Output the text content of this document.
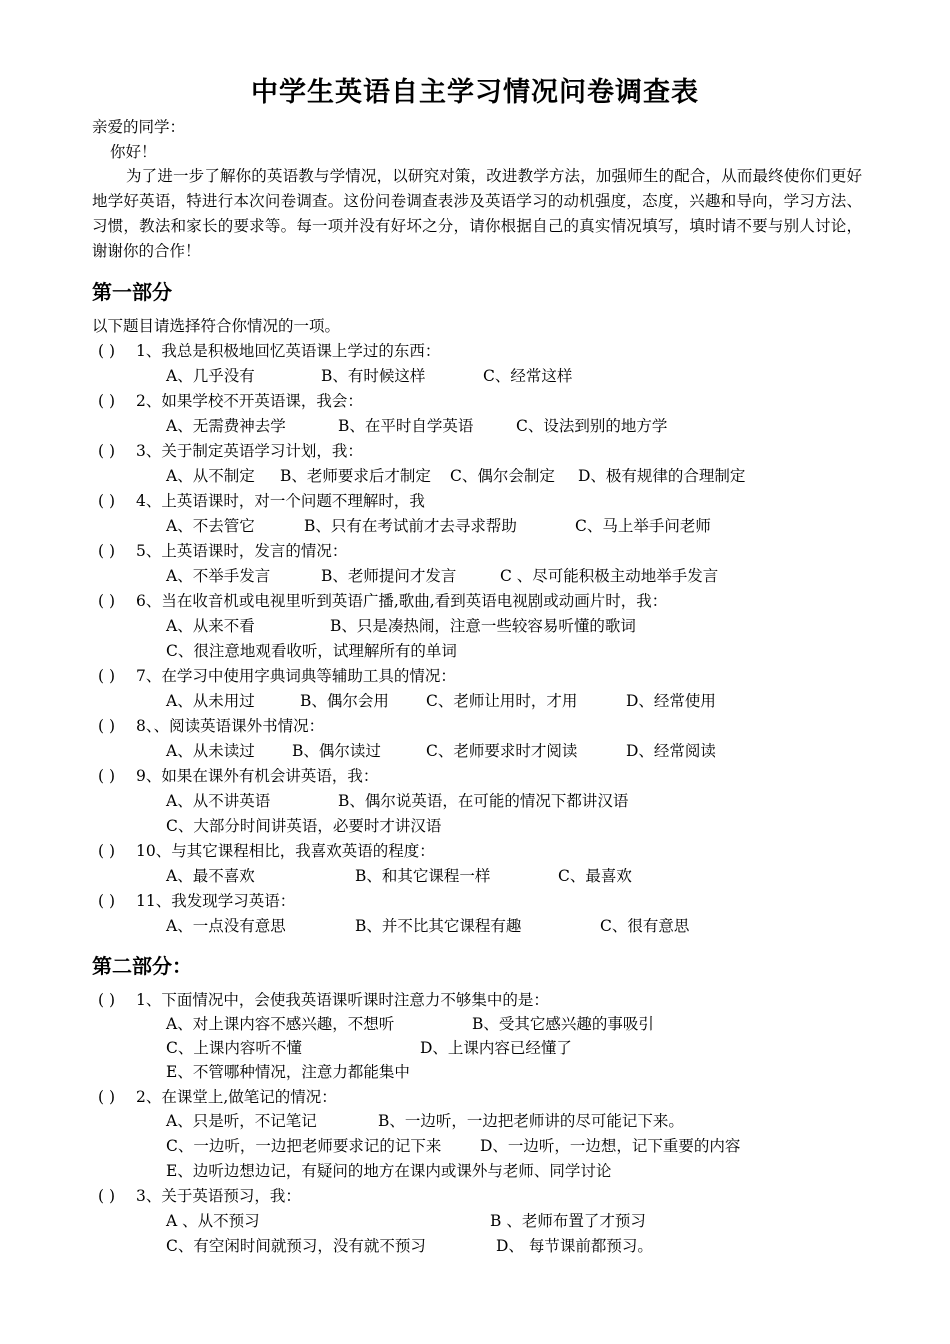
中学生英语自主学习情况问卷调查表
亲爱的同学：
你好！
为了进一步了解你的英语教与学情况，以研究对策，改进教学方法，加强师生的配合，从而最终使你们更好地学好英语，特进行本次问卷调查。这份问卷调查表涉及英语学习的动机强度，态度，兴趣和导向，学习方法、习惯，教法和家长的要求等。每一项并没有好坏之分，请你根据自己的真实情况填写，填时请不要与别人讨论，谢谢你的合作！
第一部分
以下题目请选择符合你情况的一项。
( ) 1、我总是积极地回忆英语课上学过的东西：
A、几乎没有	B、有时候这样	C、经常这样
( ) 2、如果学校不开英语课，我会：
A、无需费神去学	B、在平时自学英语	C、设法到别的地方学
( ) 3、关于制定英语学习计划，我：
A、从不制定 B、老师要求后才制定 C、偶尔会制定 D、极有规律的合理制定
( ) 4、上英语课时，对一个问题不理解时，我
A、不去管它	B、只有在考试前才去寻求帮助	C、马上举手问老师
( ) 5、上英语课时，发言的情况：
A、不举手发言	B、老师提问才发言	C 、尽可能积极主动地举手发言
( ) 6、当在收音机或电视里听到英语广播,歌曲,看到英语电视剧或动画片时，我：
A、从来不看	B、只是凑热闹，注意一些较容易听懂的歌词
C、很注意地观看收听，试理解所有的单词
( ) 7、在学习中使用字典词典等辅助工具的情况：
A、从未用过	B、偶尔会用 C、老师让用时，才用	D、经常使用
( ) 8、、阅读英语课外书情况：
A、从未读过 B、偶尔读过	C、老师要求时才阅读	D、经常阅读
( ) 9、如果在课外有机会讲英语，我：
A、从不讲英语	B、偶尔说英语，在可能的情况下都讲汉语
C、大部分时间讲英语，必要时才讲汉语
( ) 10、与其它课程相比，我喜欢英语的程度：
A、最不喜欢	B、和其它课程一样	C、最喜欢
( ) 11、我发现学习英语：
A、一点没有意思	B、并不比其它课程有趣	C、很有意思
第二部分：
( ) 1、下面情况中，会使我英语课听课时注意力不够集中的是：
A、对上课内容不感兴趣，不想听	B、受其它感兴趣的事吸引
C、上课内容听不懂	D、上课内容已经懂了
E、不管哪种情况，注意力都能集中
( ) 2、在课堂上,做笔记的情况：
A、只是听，不记笔记	B、一边听，一边把老师讲的尽可能记下来。
C、一边听，一边把老师要求记的记下来 D、一边听，一边想，记下重要的内容
E、边听边想边记，有疑问的地方在课内或课外与老师、同学讨论
( ) 3、关于英语预习，我：
A 、从不预习	B 、老师布置了才预习
C、有空闲时间就预习，没有就不预习	D、 每节课前都预习。
